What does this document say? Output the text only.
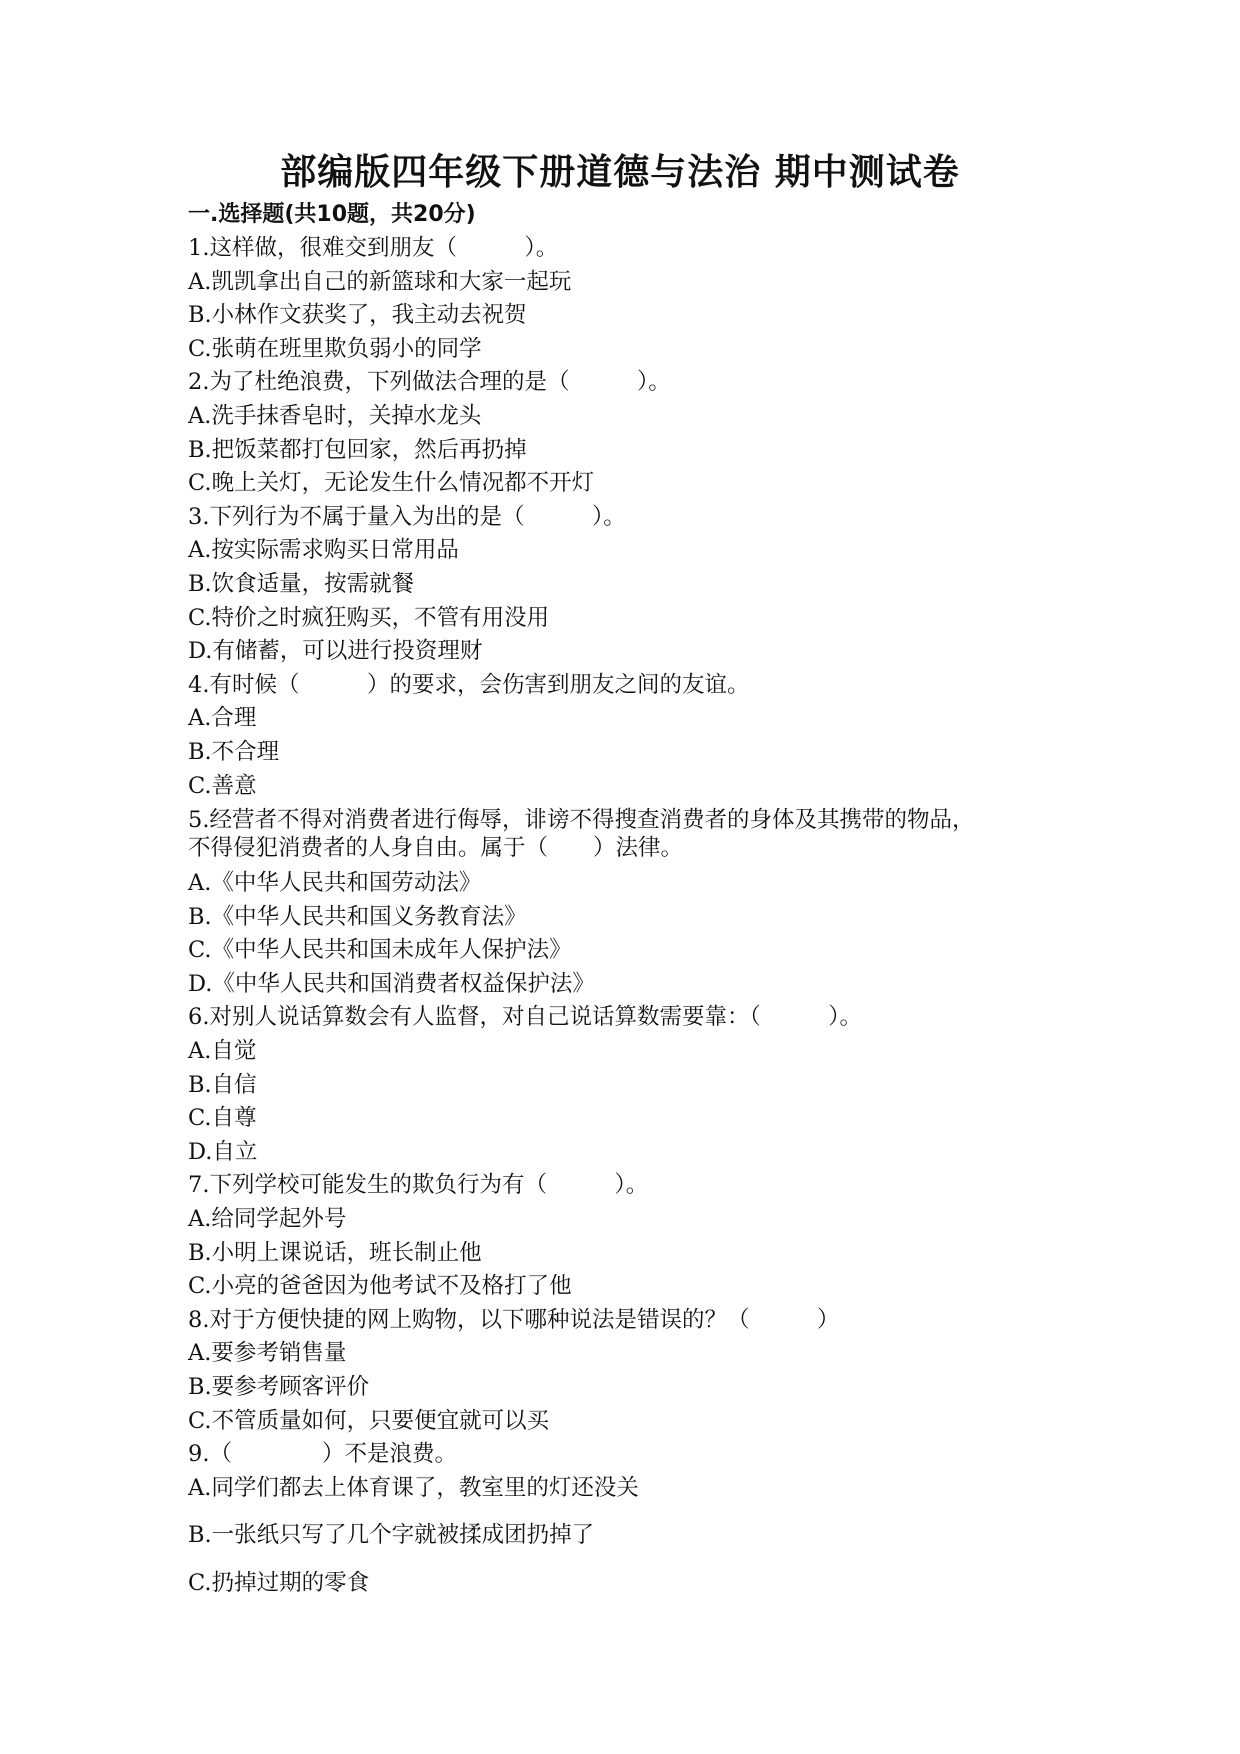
部编版四年级下册道德与法治 期中测试卷
一.选择题(共10题，共20分)
1.这样做，很难交到朋友（　　　）。
A.凯凯拿出自己的新篮球和大家一起玩
B.小林作文获奖了，我主动去祝贺
C.张萌在班里欺负弱小的同学
2.为了杜绝浪费，下列做法合理的是（　　　）。
A.洗手抹香皂时，关掉水龙头
B.把饭菜都打包回家，然后再扔掉
C.晚上关灯，无论发生什么情况都不开灯
3.下列行为不属于量入为出的是（　　　）。
A.按实际需求购买日常用品
B.饮食适量，按需就餐
C.特价之时疯狂购买，不管有用没用
D.有储蓄，可以进行投资理财
4.有时候（　　　）的要求，会伤害到朋友之间的友谊。
A.合理
B.不合理
C.善意
5.经营者不得对消费者进行侮辱，诽谤不得搜查消费者的身体及其携带的物品，
不得侵犯消费者的人身自由。属于（　　）法律。
A.《中华人民共和国劳动法》
B.《中华人民共和国义务教育法》
C.《中华人民共和国未成年人保护法》
D.《中华人民共和国消费者权益保护法》
6.对别人说话算数会有人监督，对自己说话算数需要靠：（　　　）。
A.自觉
B.自信
C.自尊
D.自立
7.下列学校可能发生的欺负行为有（　　　）。
A.给同学起外号
B.小明上课说话，班长制止他
C.小亮的爸爸因为他考试不及格打了他
8.对于方便快捷的网上购物，以下哪种说法是错误的？（　　　）
A.要参考销售量
B.要参考顾客评价
C.不管质量如何，只要便宜就可以买
9.（　　　　）不是浪费。
A.同学们都去上体育课了，教室里的灯还没关
B.一张纸只写了几个字就被揉成团扔掉了
C.扔掉过期的零食
